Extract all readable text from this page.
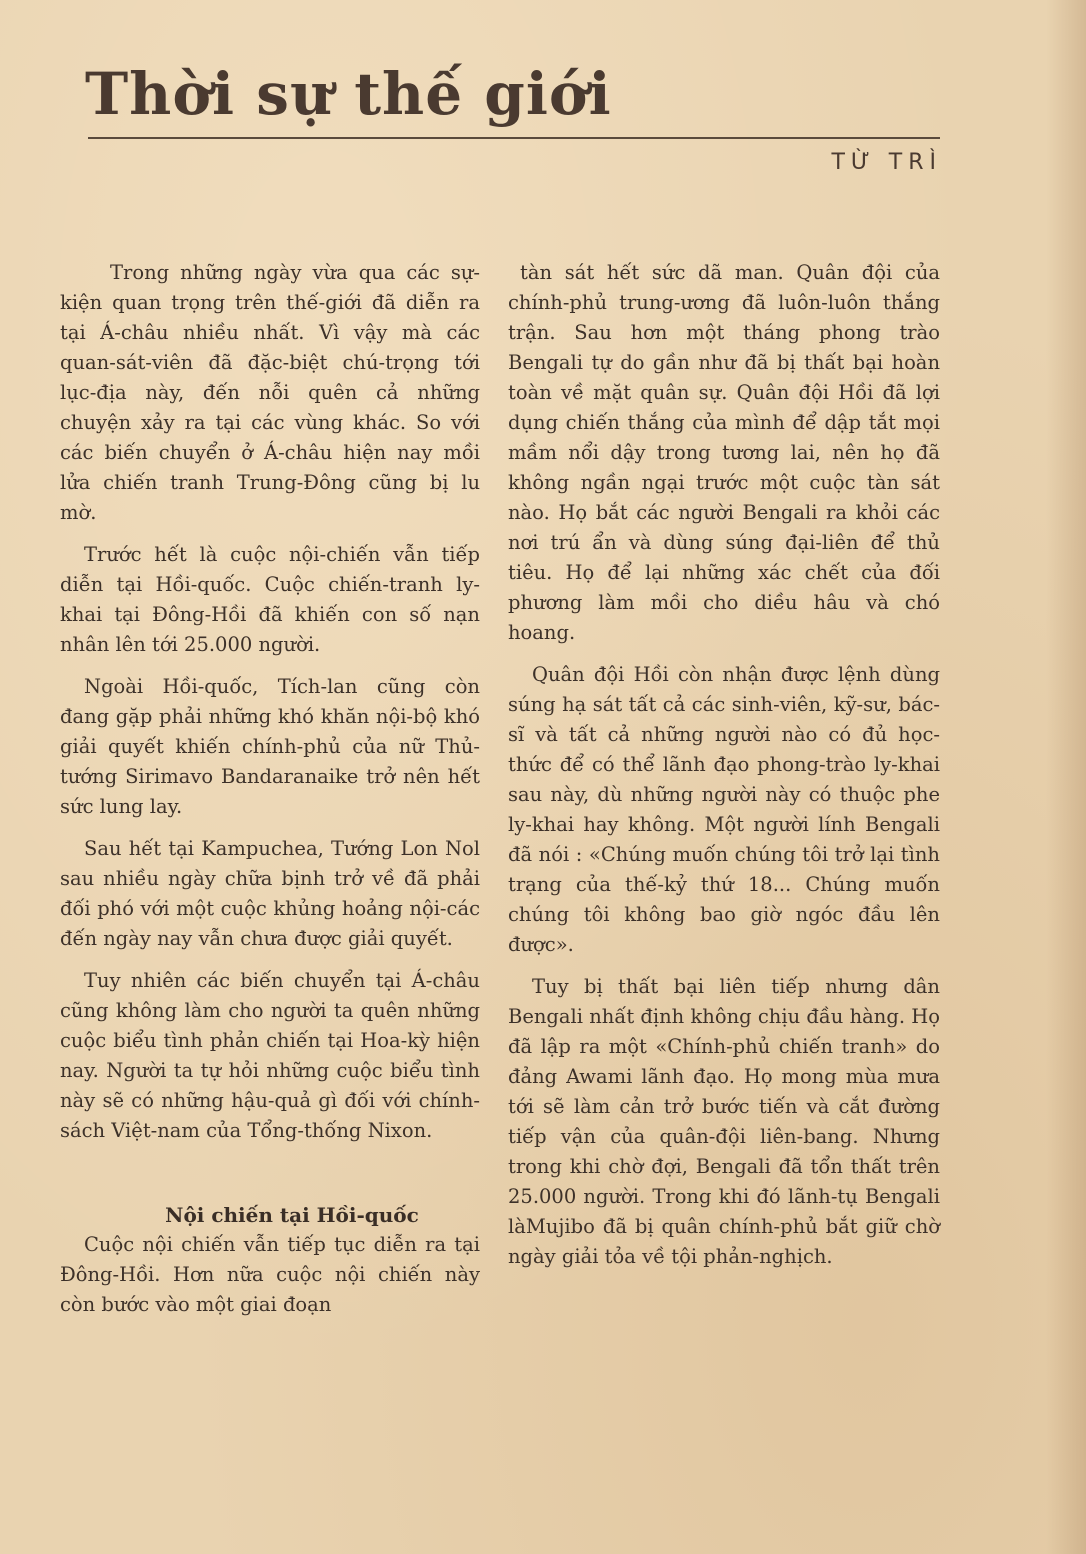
Thời sự thế giới
TỪ TRÌ

Trong những ngày vừa qua các sự-kiện quan trọng trên thế-giới đã diễn ra tại Á-châu nhiều nhất. Vì vậy mà các quan-sát-viên đã đặc-biệt chú-trọng tới lục-địa này, đến nỗi quên cả những chuyện xảy ra tại các vùng khác. So với các biến chuyển ở Á-châu hiện nay mồi lửa chiến tranh Trung-Đông cũng bị lu mờ.

Trước hết là cuộc nội-chiến vẫn tiếp diễn tại Hồi-quốc. Cuộc chiến-tranh ly-khai tại Đông-Hồi đã khiến con số nạn nhân lên tới 25.000 người.

Ngoài Hồi-quốc, Tích-lan cũng còn đang gặp phải những khó khăn nội-bộ khó giải quyết khiến chính-phủ của nữ Thủ-tướng Sirimavo Bandaranaike trở nên hết sức lung lay.

Sau hết tại Kampuchea, Tướng Lon Nol sau nhiều ngày chữa bịnh trở về đã phải đối phó với một cuộc khủng hoảng nội-các đến ngày nay vẫn chưa được giải quyết.

Tuy nhiên các biến chuyển tại Á-châu cũng không làm cho người ta quên những cuộc biểu tình phản chiến tại Hoa-kỳ hiện nay. Người ta tự hỏi những cuộc biểu tình này sẽ có những hậu-quả gì đối với chính-sách Việt-nam của Tổng-thống Nixon.

Nội chiến tại Hồi-quốc

Cuộc nội chiến vẫn tiếp tục diễn ra tại Đông-Hồi. Hơn nữa cuộc nội chiến này còn bước vào một giai đoạn

tàn sát hết sức dã man. Quân đội của chính-phủ trung-ương đã luôn-luôn thắng trận. Sau hơn một tháng phong trào Bengali tự do gần như đã bị thất bại hoàn toàn về mặt quân sự. Quân đội Hồi đã lợi dụng chiến thắng của mình để dập tắt mọi mầm nổi dậy trong tương lai, nên họ đã không ngần ngại trước một cuộc tàn sát nào. Họ bắt các người Bengali ra khỏi các nơi trú ẩn và dùng súng đại-liên để thủ tiêu. Họ để lại những xác chết của đối phương làm mồi cho diều hâu và chó hoang.

Quân đội Hồi còn nhận được lệnh dùng súng hạ sát tất cả các sinh-viên, kỹ-sư, bác-sĩ và tất cả những người nào có đủ học-thức để có thể lãnh đạo phong-trào ly-khai sau này, dù những người này có thuộc phe ly-khai hay không. Một người lính Bengali đã nói : «Chúng muốn chúng tôi trở lại tình trạng của thế-kỷ thứ 18... Chúng muốn chúng tôi không bao giờ ngóc đầu lên được».

Tuy bị thất bại liên tiếp nhưng dân Bengali nhất định không chịu đầu hàng. Họ đã lập ra một «Chính-phủ chiến tranh» do đảng Awami lãnh đạo. Họ mong mùa mưa tới sẽ làm cản trở bước tiến và cắt đường tiếp vận của quân-đội liên-bang. Nhưng trong khi chờ đợi, Bengali đã tổn thất trên 25.000 người. Trong khi đó lãnh-tụ Bengali làMujibo đã bị quân chính-phủ bắt giữ chờ ngày giải tỏa về tội phản-nghịch.
